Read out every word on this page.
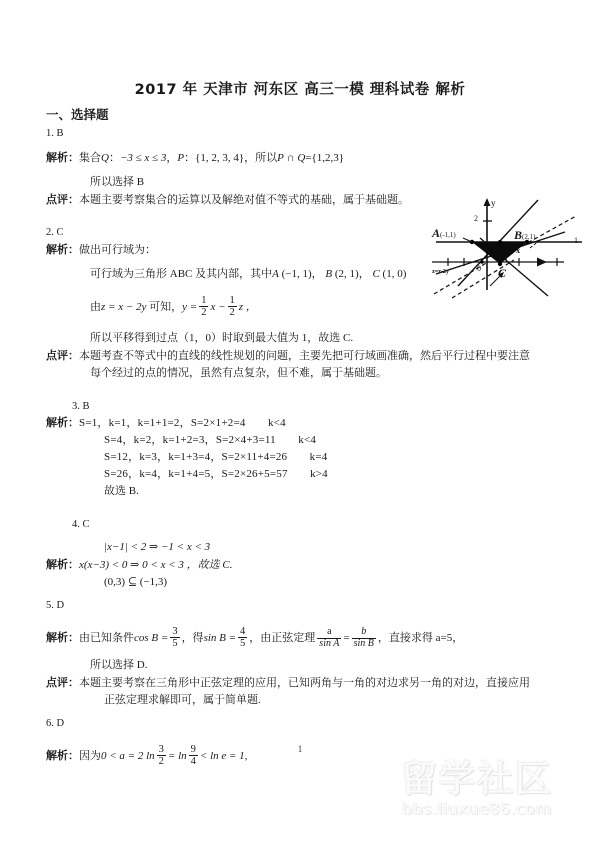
2017 年 天津市 河东区 高三一模 理科试卷 解析
一、选择题
1. B
解析：集合Q：−3 ≤ x ≤ 3，P：{1, 2, 3, 4}，所以P ∩ Q={1,2,3}
所以选择 B
点评：本题主要考察集合的运算以及解绝对值不等式的基础，属于基础题。
2. C
解析：做出可行域为：
可行域为三角形 ABC 及其内部，其中A (−1, 1)， B (2, 1)， C (1, 0)
由z = x − 2y 可知，$y = \frac{1}{2}$ $x - \frac{1}{2}$ z ，
所以平移得到过点（1，0）时取到最大值为 1，故选 C.
点评：本题考查不等式中的直线的线性规划的问题，主要先把可行域画准确，然后平行过程中要注意
每个经过的点的情况，虽然有点复杂，但不难，属于基础题。
3. B
解析：S=1，k=1，k=1+1=2，S=2×1+2=4　　k<4
S=4，k=2，k=1+2=3，S=2×4+3=11　　k<4
S=12，k=3，k=1+3=4，S=2×11+4=26　　k=4
S=26，k=4，k=1+4=5，S=2×26+5=57　　k>4
故选 B.
4. C
|x−1| < 2 ⇒ −1 < x < 3
解析：x(x−3) < 0 ⇒ 0 < x < 3 ，故选 C.
(0,3) ⊆ (−1,3)
5. D
解析：由已知条件$\cos B = \frac{3}{5}$ ，得$\sin B = \frac{4}{5}$ ，由正弦定理 $\frac{a}{\text{sin A}} = \frac{b}{\text{sin B}}$ ，直接求得 a=5，
所以选择 D.
点评：本题主要考察在三角形中正弦定理的应用，已知两角与一角的对边求另一角的对边，直接应用
正弦定理求解即可，属于简单题.
6. D
解析：因为0 < a = 2 $\ln \frac{3}{2} = \ln \frac{9}{4} < \ln e = 1$,
A(-1,1)	B(2,1)
C
y
x
2
1
0
-1
z=x-2y
1
留学社区
bbs.liuxue86.com
